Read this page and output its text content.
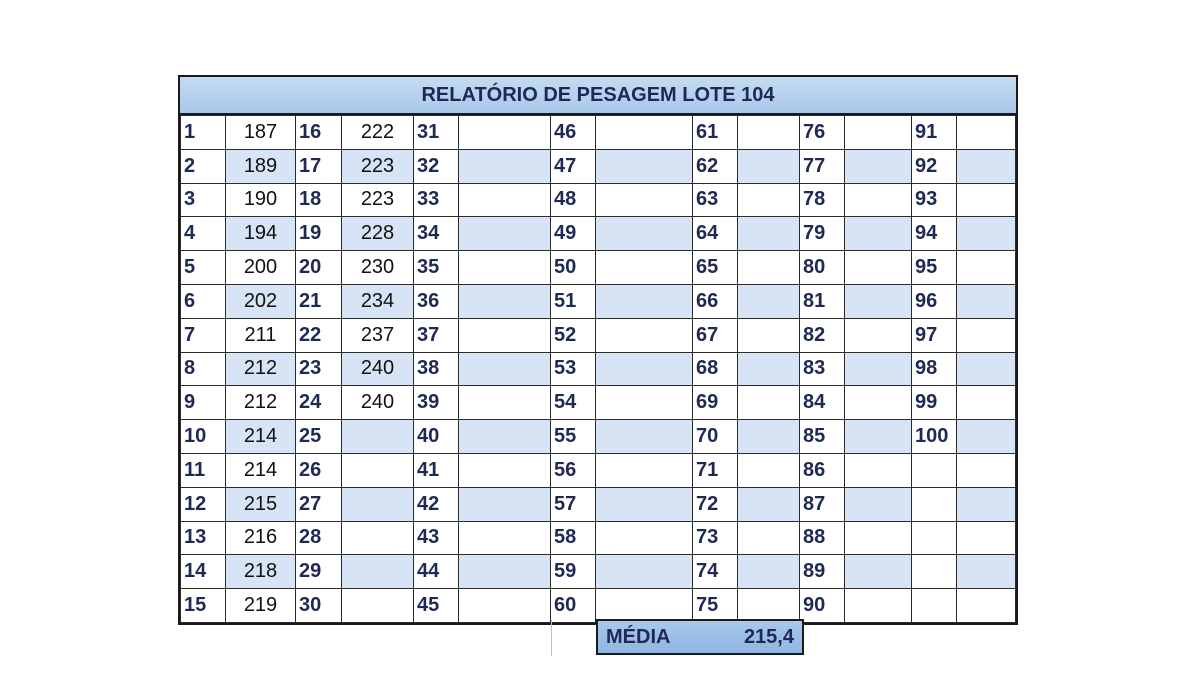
RELATÓRIO DE PESAGEM LOTE 104
1	187	16	222	31		46		61		76		91	
2	189	17	223	32		47		62		77		92	
3	190	18	223	33		48		63		78		93	
4	194	19	228	34		49		64		79		94	
5	200	20	230	35		50		65		80		95	
6	202	21	234	36		51		66		81		96	
7	211	22	237	37		52		67		82		97	
8	212	23	240	38		53		68		83		98	
9	212	24	240	39		54		69		84		99	
10	214	25		40		55		70		85		100	
11	214	26		41		56		71		86			
12	215	27		42		57		72		87			
13	216	28		43		58		73		88			
14	218	29		44		59		74		89			
15	219	30		45		60		75		90			
MÉDIA	215,4
